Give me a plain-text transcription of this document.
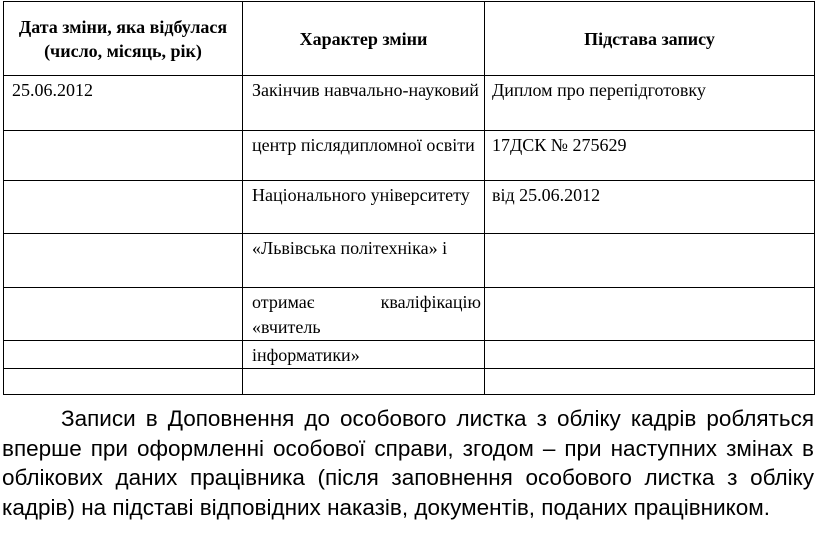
Дата зміни, яка відбулася (число, місяць, рік)	Характер зміни	Підстава запису

25.06.2012	Закінчив навчально-науковий	Диплом про перепідготовку

	центр післядипломної освіти	17ДСК № 275629

	Національного університету	від 25.06.2012

	«Львівська політехніка» і	

	отримає кваліфікацію «вчитель	

	інформатики»	

Записи в Доповнення до особового листка з обліку кадрів робляться вперше при оформленні особової справи, згодом – при наступних змінах в облікових даних працівника (після заповнення особового листка з обліку кадрів) на підставі відповідних наказів, документів, поданих працівником.
